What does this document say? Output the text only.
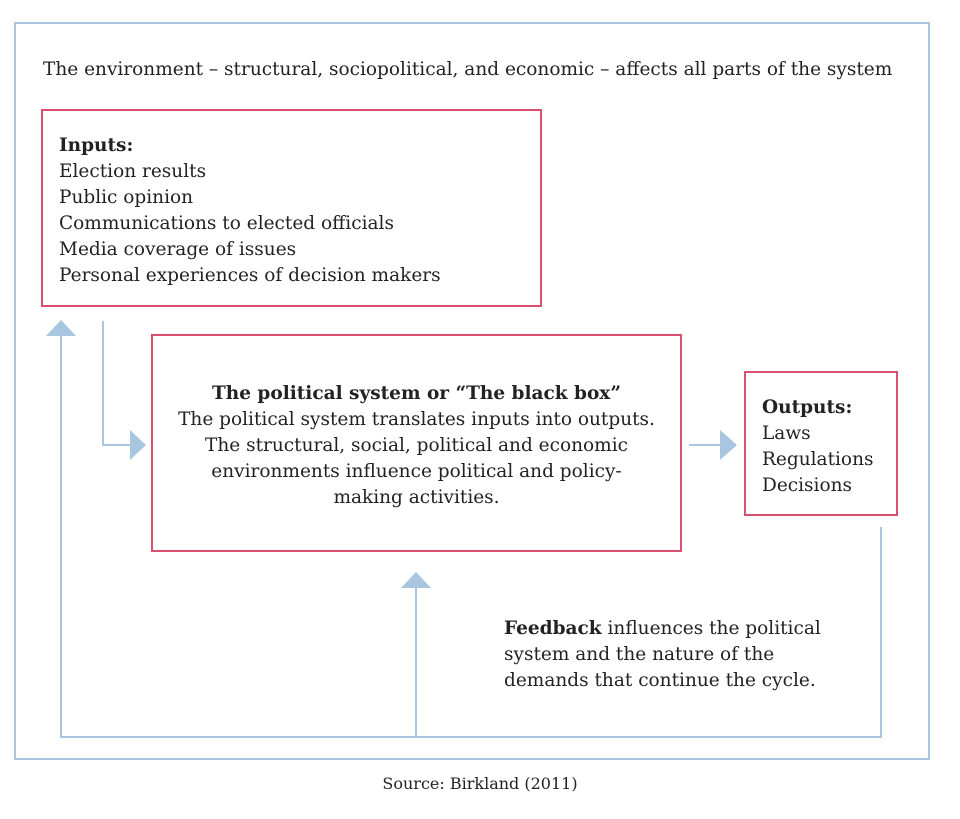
The environment – structural, sociopolitical, and economic – affects all parts of the system
Inputs:
Election results
Public opinion
Communications to elected officials
Media coverage of issues
Personal experiences of decision makers
The political system or “The black box”
The political system translates inputs into outputs.
The structural, social, political and economic
environments influence political and policy-
making activities.
Outputs:
Laws
Regulations
Decisions
Feedback influences the political
system and the nature of the
demands that continue the cycle.
Source: Birkland (2011)
